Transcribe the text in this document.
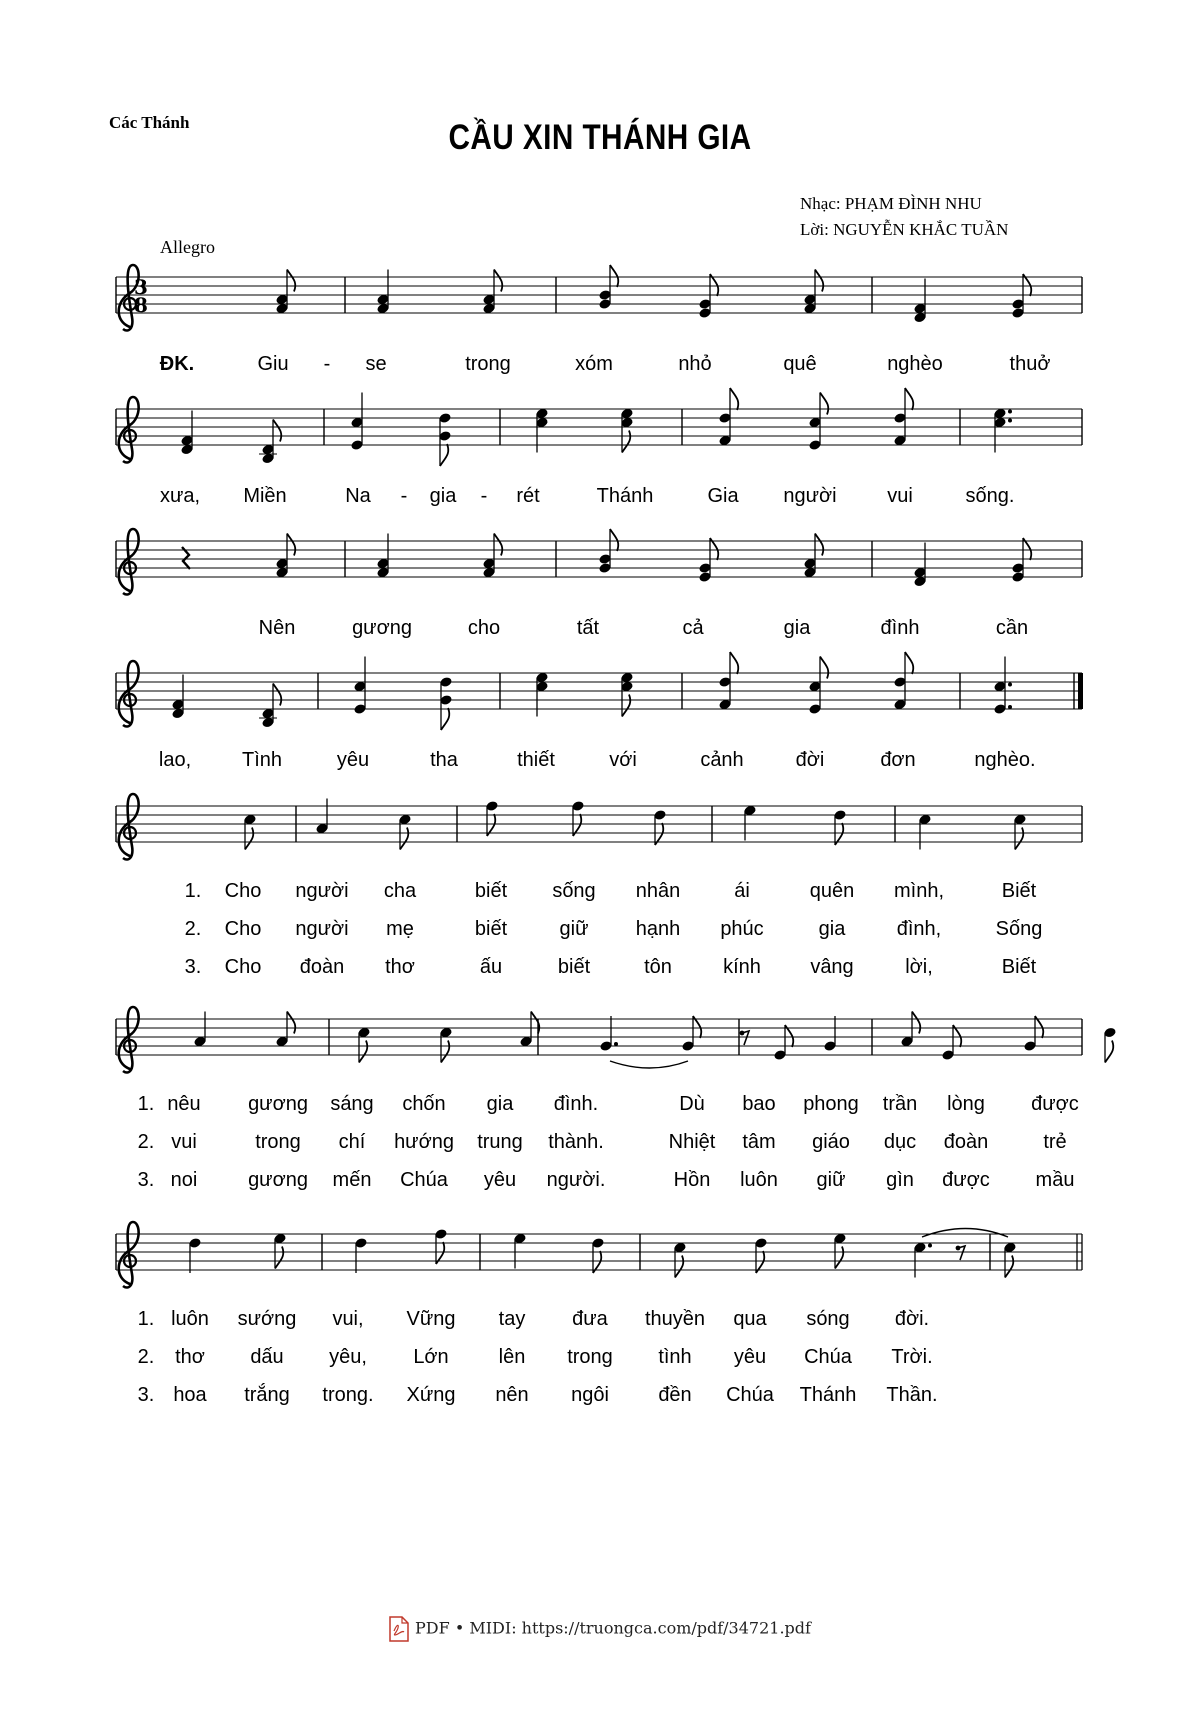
Các Thánh	CẦU XIN THÁNH GIA
Nhạc: PHẠM ĐÌNH NHU
Lời: NGUYỄN KHẮC TUẦN
Allegro
3
8
ĐK.	Giu - se	trong	xóm	nhỏ	quê	nghèo	thuở
xưa, Miền	Na - gia - rét	Thánh	Gia người	vui	sống.
Nên	gương	cho	tất	cả	gia	đình	cần
lao,	Tình	yêu	tha	thiết	với	cảnh	đời	đơn	nghèo.
1. Cho người cha	biết sống nhân	ái	quên mình,	Biết
2. Cho người mẹ	biết	giữ hạnh phúc	gia	đình,	Sống
3. Cho đoàn thơ	ấu	biết	tôn	kính vâng	lời,	Biết
1. nêu gương sáng chốn gia đình.	Dù bao phong trần lòng được
2. vui	trong chí hướng trung thành.	Nhiệt tâm giáo dục đoàn	trẻ
3. noi	gương mến Chúa yêu người.	Hồn luôn giữ gìn được mầu
1. luôn sướng vui, Vững tay đưa thuyền qua sóng đời.
2. thơ dấu yêu, Lớn lên trong tình yêu Chúa Trời.
3. hoa trắng trong. Xứng nên ngôi đền Chúa Thánh Thần.
PDF • MIDI: https://truongca.com/pdf/34721.pdf
